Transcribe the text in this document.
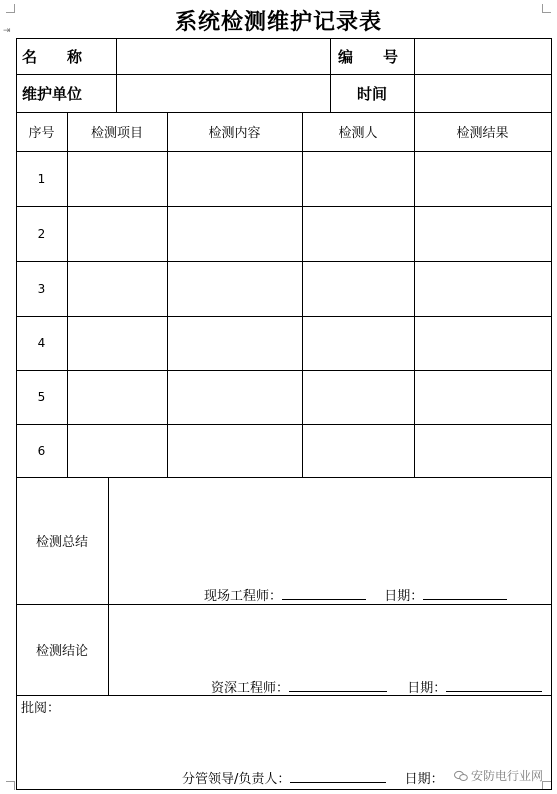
⇥	系统检测维护记录表
名　　称	编　　号
维护单位	时间
序号	检测项目	检测内容	检测人	检测结果
1
2
3
4
5
6
检测总结
现场工程师：	日期：
检测结论
资深工程师：	日期：
批阅：
分管领导/负责人：	日期： 安防电行业网
